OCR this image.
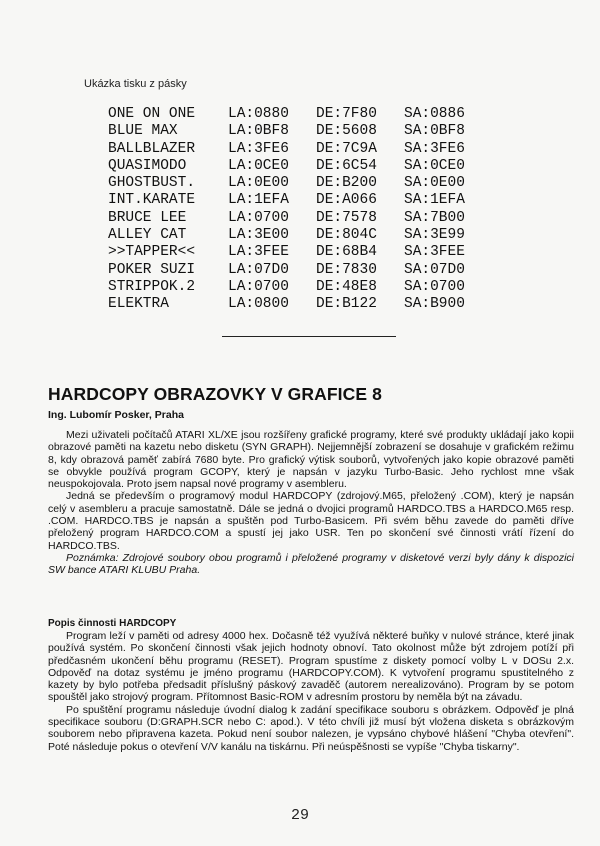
Ukázka tisku z pásky
ONE ON ONE	LA:0880	DE:7F80	SA:0886
BLUE MAX	LA:0BF8	DE:5608	SA:0BF8
BALLBLAZER	LA:3FE6	DE:7C9A	SA:3FE6
QUASIMODO	LA:0CE0	DE:6C54	SA:0CE0
GHOSTBUST.	LA:0E00	DE:B200	SA:0E00
INT.KARATE	LA:1EFA	DE:A066	SA:1EFA
BRUCE LEE	LA:0700	DE:7578	SA:7B00
ALLEY CAT	LA:3E00	DE:804C	SA:3E99
>>TAPPER<<	LA:3FEE	DE:68B4	SA:3FEE
POKER SUZI	LA:07D0	DE:7830	SA:07D0
STRIPPOK.2	LA:0700	DE:48E8	SA:0700
ELEKTRA	LA:0800	DE:B122	SA:B900
HARDCOPY OBRAZOVKY V GRAFICE 8
Ing. Lubomír Posker, Praha

Mezi uživateli počítačů ATARI XL/XE jsou rozšířeny grafické programy, které své produkty ukládají jako kopii obrazové paměti na kazetu nebo disketu (SYN GRAPH). Nejjemnější zobrazení se dosahuje v grafickém režimu 8, kdy obrazová paměť zabírá 7680 byte. Pro grafický výtisk souborů, vytvořených jako kopie obrazové paměti se obvykle používá program GCOPY, který je napsán v jazyku Turbo-Basic. Jeho rychlost mne však neuspokojovala. Proto jsem napsal nové programy v asembleru.

Jedná se především o programový modul HARDCOPY (zdrojový.M65, přeložený .COM), který je napsán celý v asembleru a pracuje samostatně. Dále se jedná o dvojici programů HARDCO.TBS a HARDCO.M65 resp. .COM. HARDCO.TBS je napsán a spuštěn pod Turbo-Basicem. Při svém běhu zavede do paměti dříve přeložený program HARDCO.COM a spustí jej jako USR. Ten po skončení své činnosti vrátí řízení do HARDCO.TBS.

Poznámka: Zdrojové soubory obou programů i přeložené programy v disketové verzi byly dány k dispozici SW bance ATARI KLUBU Praha.

Popis činnosti HARDCOPY

Program leží v paměti od adresy 4000 hex. Dočasně též využívá některé buňky v nulové stránce, které jinak používá systém. Po skončení činnosti však jejich hodnoty obnoví. Tato okolnost může být zdrojem potíží při předčasném ukončení běhu programu (RESET). Program spustíme z diskety pomocí volby L v DOSu 2.x. Odpověď na dotaz systému je jméno programu (HARDCOPY.COM). K vytvoření programu spustitelného z kazety by bylo potřeba předsadit příslušný páskový zavaděč (autorem nerealizováno). Program by se potom spouštěl jako strojový program. Přítomnost Basic-ROM v adresním prostoru by neměla být na závadu.

Po spuštění programu následuje úvodní dialog k zadání specifikace souboru s obrázkem. Odpověď je plná specifikace souboru (D:GRAPH.SCR nebo C: apod.). V této chvíli již musí být vložena disketa s obrázkovým souborem nebo připravena kazeta. Pokud není soubor nalezen, je vypsáno chybové hlášení "Chyba otevření". Poté následuje pokus o otevření V/V kanálu na tiskárnu. Při neúspěšnosti se vypíše "Chyba tiskarny".

29
